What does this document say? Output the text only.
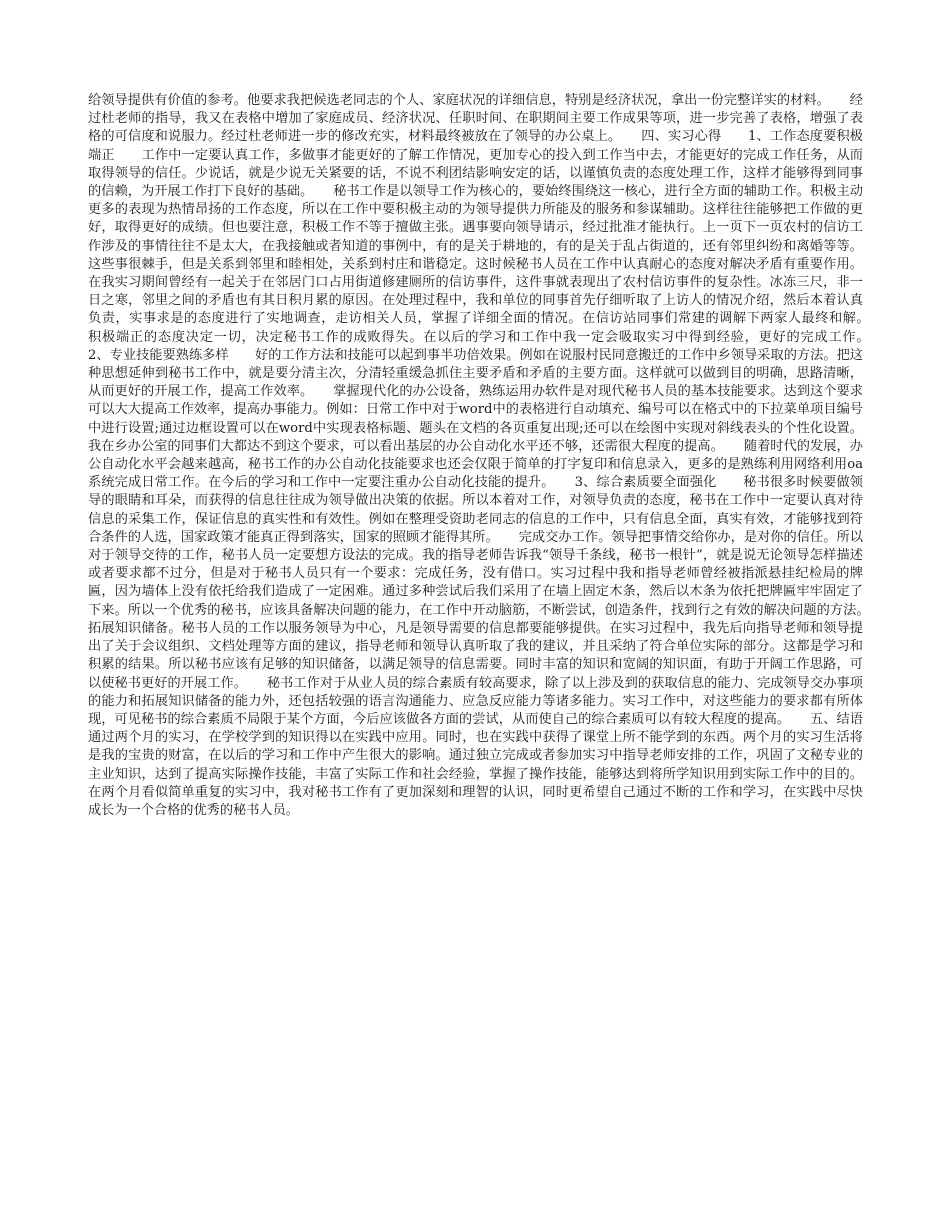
给领导提供有价值的参考。他要求我把候选老同志的个人、家庭状况的详细信息，特别是经济状况，拿出一份完整详实的材料。　　经过杜老师的指导，我又在表格中增加了家庭成员、经济状况、任职时间、在职期间主要工作成果等项，进一步完善了表格，增强了表格的可信度和说服力。经过杜老师进一步的修改充实，材料最终被放在了领导的办公桌上。　　四、实习心得　　1、工作态度要积极端正　　工作中一定要认真工作，多做事才能更好的了解工作情况，更加专心的投入到工作当中去，才能更好的完成工作任务，从而取得领导的信任。少说话，就是少说无关紧要的话，不说不利团结影响安定的话，以谨慎负责的态度处理工作，这样才能够得到同事的信赖，为开展工作打下良好的基础。　　秘书工作是以领导工作为核心的，要始终围绕这一核心，进行全方面的辅助工作。积极主动更多的表现为热情昂扬的工作态度，所以在工作中要积极主动的为领导提供力所能及的服务和参谋辅助。这样往往能够把工作做的更好，取得更好的成绩。但也要注意，积极工作不等于擅做主张。遇事要向领导请示，经过批准才能执行。上一页下一页农村的信访工作涉及的事情往往不是太大，在我接触或者知道的事例中，有的是关于耕地的，有的是关于乱占街道的，还有邻里纠纷和离婚等等。这些事很棘手，但是关系到邻里和睦相处，关系到村庄和谐稳定。这时候秘书人员在工作中认真耐心的态度对解决矛盾有重要作用。在我实习期间曾经有一起关于在邻居门口占用街道修建厕所的信访事件，这件事就表现出了农村信访事件的复杂性。冰冻三尺，非一日之寒，邻里之间的矛盾也有其日积月累的原因。在处理过程中，我和单位的同事首先仔细听取了上访人的情况介绍，然后本着认真负责，实事求是的态度进行了实地调查，走访相关人员，掌握了详细全面的情况。在信访站同事们常建的调解下两家人最终和解。　　积极端正的态度决定一切，决定秘书工作的成败得失。在以后的学习和工作中我一定会吸取实习中得到经验，更好的完成工作。　　2、专业技能要熟练多样　　好的工作方法和技能可以起到事半功倍效果。例如在说服村民同意搬迁的工作中乡领导采取的方法。把这种思想延伸到秘书工作中，就是要分清主次，分清轻重缓急抓住主要矛盾和矛盾的主要方面。这样就可以做到目的明确，思路清晰，从而更好的开展工作，提高工作效率。　　掌握现代化的办公设备，熟练运用办软件是对现代秘书人员的基本技能要求。达到这个要求可以大大提高工作效率，提高办事能力。例如：日常工作中对于word中的表格进行自动填充、编号可以在格式中的下拉菜单项目编号中进行设置;通过边框设置可以在word中实现表格标题、题头在文档的各页重复出现;还可以在绘图中实现对斜线表头的个性化设置。我在乡办公室的同事们大都达不到这个要求，可以看出基层的办公自动化水平还不够，还需很大程度的提高。　　随着时代的发展，办公自动化水平会越来越高，秘书工作的办公自动化技能要求也还会仅限于简单的打字复印和信息录入，更多的是熟练利用网络利用oa系统完成日常工作。在今后的学习和工作中一定要注重办公自动化技能的提升。　　3、综合素质要全面强化　　秘书很多时候要做领导的眼睛和耳朵，而获得的信息往往成为领导做出决策的依据。所以本着对工作，对领导负责的态度，秘书在工作中一定要认真对待信息的采集工作，保证信息的真实性和有效性。例如在整理受资助老同志的信息的工作中，只有信息全面，真实有效，才能够找到符合条件的人选，国家政策才能真正得到落实，国家的照顾才能得其所。　　完成交办工作。领导把事情交给你办，是对你的信任。所以对于领导交待的工作，秘书人员一定要想方设法的完成。我的指导老师告诉我“领导千条线，秘书一根针”，就是说无论领导怎样描述或者要求都不过分，但是对于秘书人员只有一个要求：完成任务，没有借口。实习过程中我和指导老师曾经被指派悬挂纪检局的牌匾，因为墙体上没有依托给我们造成了一定困难。通过多种尝试后我们采用了在墙上固定木条，然后以木条为依托把牌匾牢牢固定了下来。所以一个优秀的秘书，应该具备解决问题的能力，在工作中开动脑筋，不断尝试，创造条件，找到行之有效的解决问题的方法。　　拓展知识储备。秘书人员的工作以服务领导为中心，凡是领导需要的信息都要能够提供。在实习过程中，我先后向指导老师和领导提出了关于会议组织、文档处理等方面的建议，指导老师和领导认真听取了我的建议，并且采纳了符合单位实际的部分。这都是学习和积累的结果。所以秘书应该有足够的知识储备，以满足领导的信息需要。同时丰富的知识和宽阔的知识面，有助于开阔工作思路，可以使秘书更好的开展工作。　　秘书工作对于从业人员的综合素质有较高要求，除了以上涉及到的获取信息的能力、完成领导交办事项的能力和拓展知识储备的能力外，还包括较强的语言沟通能力、应急反应能力等诸多能力。实习工作中，对这些能力的要求都有所体现，可见秘书的综合素质不局限于某个方面，今后应该做各方面的尝试，从而使自己的综合素质可以有较大程度的提高。　　五、结语　　通过两个月的实习，在学校学到的知识得以在实践中应用。同时，也在实践中获得了课堂上所不能学到的东西。两个月的实习生活将是我的宝贵的财富，在以后的学习和工作中产生很大的影响。通过独立完成或者参加实习中指导老师安排的工作，巩固了文秘专业的主业知识，达到了提高实际操作技能，丰富了实际工作和社会经验，掌握了操作技能，能够达到将所学知识用到实际工作中的目的。在两个月看似简单重复的实习中，我对秘书工作有了更加深刻和理智的认识，同时更希望自己通过不断的工作和学习，在实践中尽快成长为一个合格的优秀的秘书人员。
